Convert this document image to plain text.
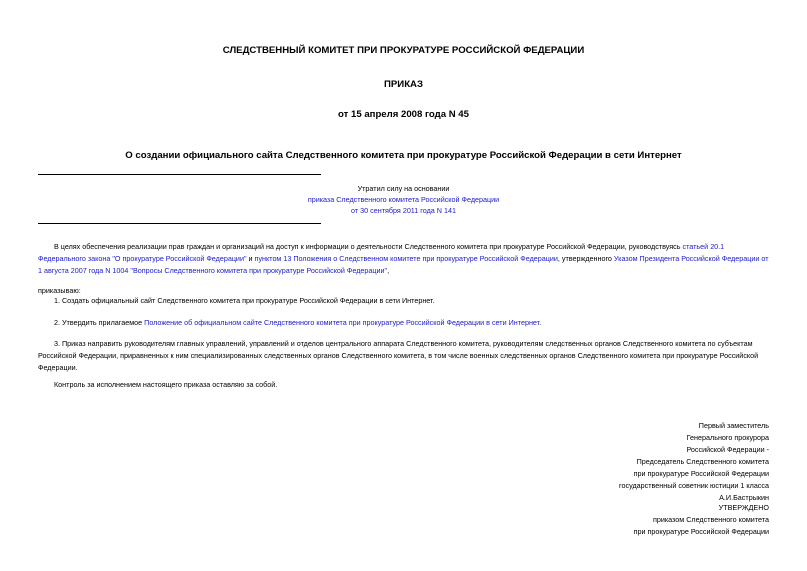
СЛЕДСТВЕННЫЙ КОМИТЕТ ПРИ ПРОКУРАТУРЕ РОССИЙСКОЙ ФЕДЕРАЦИИ
ПРИКАЗ
от 15 апреля 2008 года N 45
О создании официального сайта Следственного комитета при прокуратуре Российской Федерации в сети Интернет
Утратил силу на основании
приказа Следственного комитета Российской Федерации
от 30 сентября 2011 года N 141
В целях обеспечения реализации прав граждан и организаций на доступ к информации о деятельности Следственного комитета при прокуратуре Российской Федерации, руководствуясь статьей 20.1
Федерального закона "О прокуратуре Российской Федерации" и пунктом 13 Положения о Следственном комитете при прокуратуре Российской Федерации, утвержденного Указом Президента Российской Федерации от
1 августа 2007 года N 1004 "Вопросы Следственного комитета при прокуратуре Российской Федерации",
приказываю:
1. Создать официальный сайт Следственного комитета при прокуратуре Российской Федерации в сети Интернет.
2. Утвердить прилагаемое Положение об официальном сайте Следственного комитета при прокуратуре Российской Федерации в сети Интернет.
3. Приказ направить руководителям главных управлений, управлений и отделов центрального аппарата Следственного комитета, руководителям следственных органов Следственного комитета по субъектам
Российской Федерации, приравненных к ним специализированных следственных органов Следственного комитета, в том числе военных следственных органов Следственного комитета при прокуратуре Российской
Федерации.
Контроль за исполнением настоящего приказа оставляю за собой.
Первый заместитель
Генерального прокурора
Российской Федерации -
Председатель Следственного комитета
при прокуратуре Российской Федерации
государственный советник юстиции 1 класса
А.И.Бастрыкин
УТВЕРЖДЕНО
приказом Следственного комитета
при прокуратуре Российской Федерации
